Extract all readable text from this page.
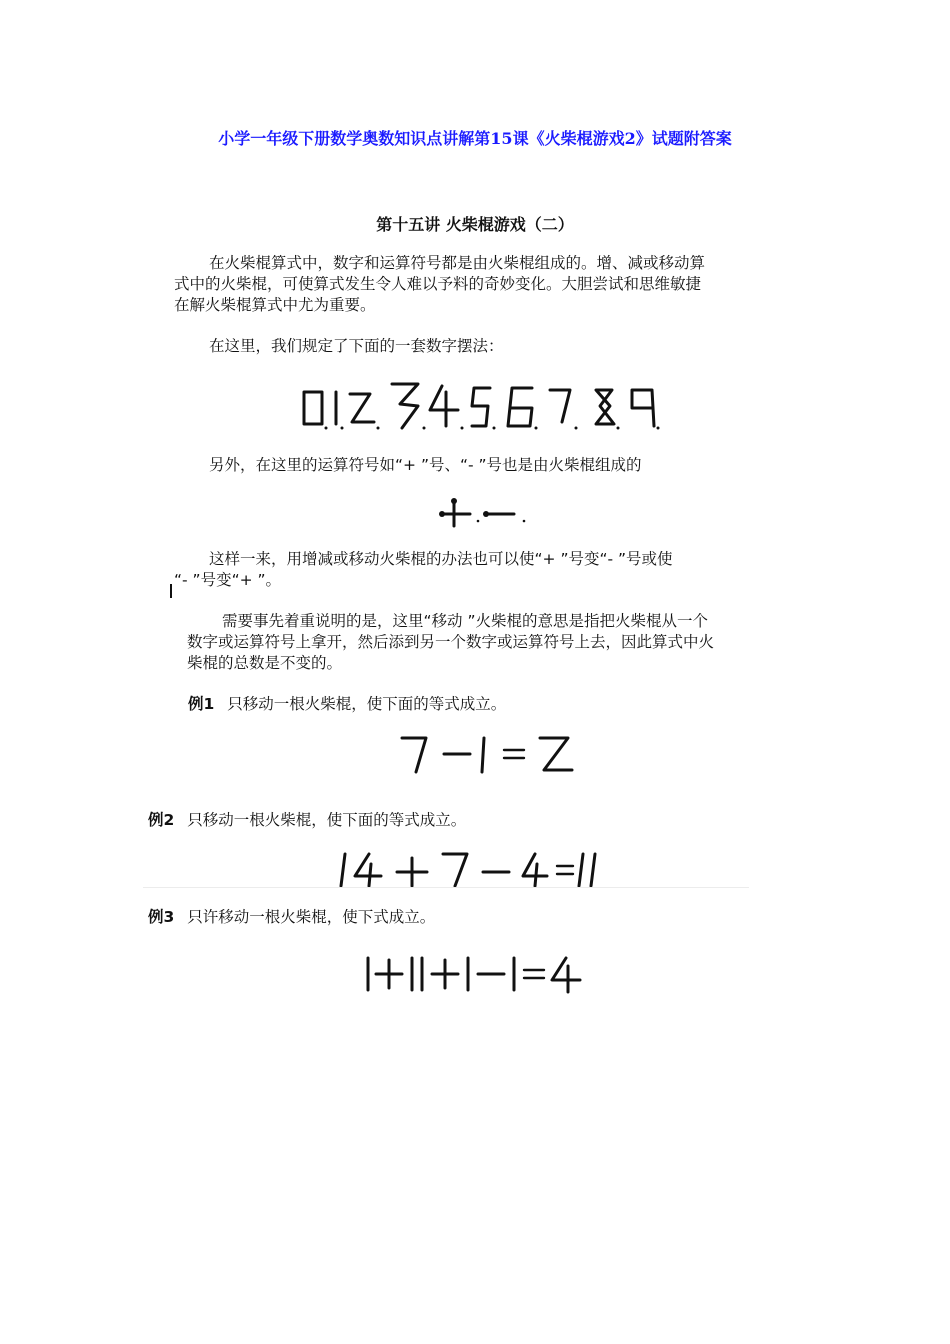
小学一年级下册数学奥数知识点讲解第15课《火柴棍游戏2》试题附答案
第十五讲 火柴棍游戏（二）
在火柴棍算式中，数字和运算符号都是由火柴棍组成的。增、减或移动算
式中的火柴棍，可使算式发生令人难以予料的奇妙变化。大胆尝试和思维敏捷
在解火柴棍算式中尤为重要。
在这里，我们规定了下面的一套数字摆法：
另外，在这里的运算符号如“+ ”号、“- ”号也是由火柴棍组成的
这样一来，用增减或移动火柴棍的办法也可以使“+ ”号变“- ”号或使
“- ”号变“+ ”。
需要事先着重说明的是，这里“移动 ”火柴棍的意思是指把火柴棍从一个
数字或运算符号上拿开，然后添到另一个数字或运算符号上去，因此算式中火
柴棍的总数是不变的。
例1 只移动一根火柴棍，使下面的等式成立。
例2 只移动一根火柴棍，使下面的等式成立。
例3 只许移动一根火柴棍，使下式成立。
